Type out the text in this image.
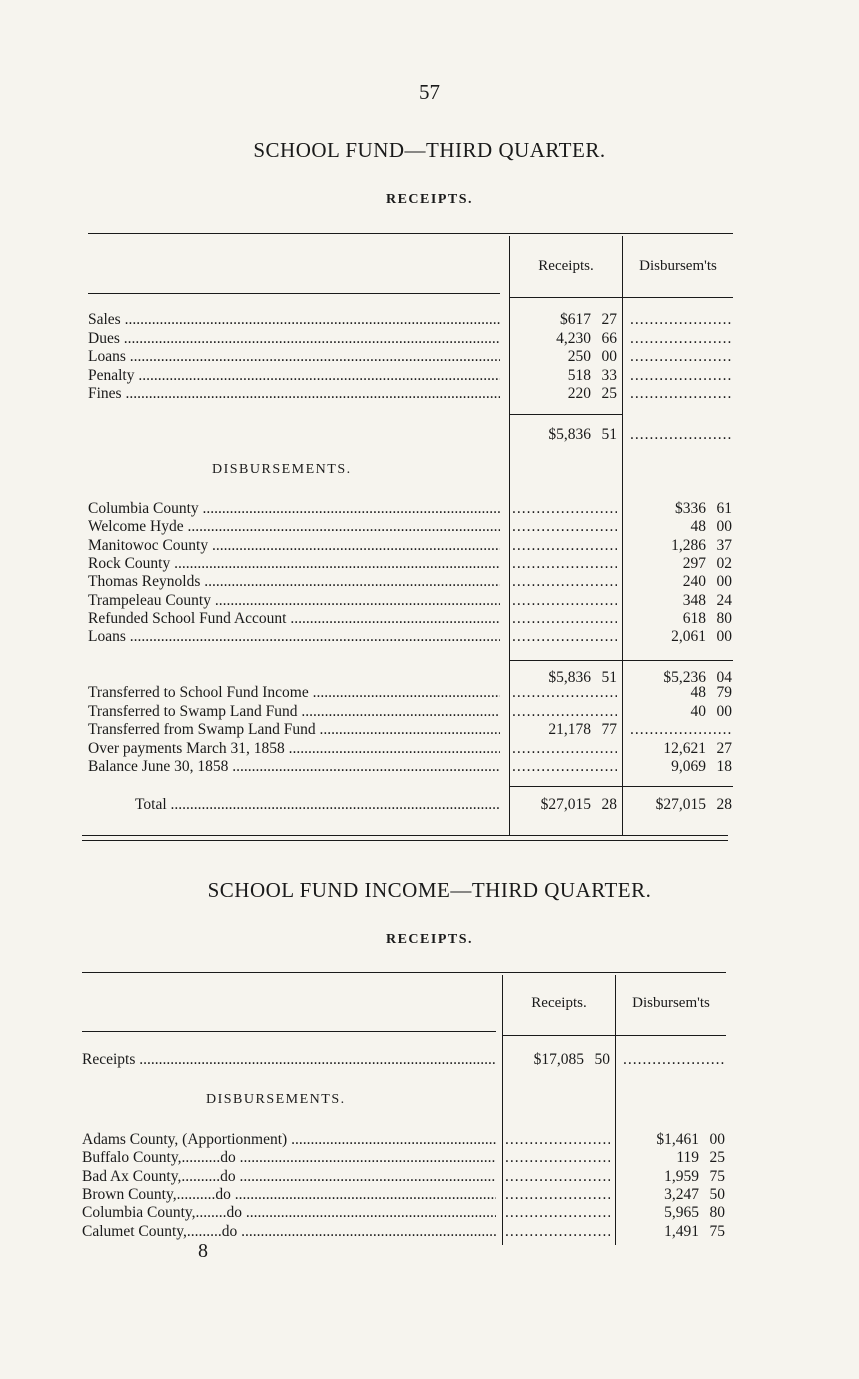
57
SCHOOL FUND—THIRD QUARTER.
RECEIPTS.
Receipts.	Disbursem'ts
Sales .....	$617 27
.....
Dues .....	4,230 66
.....
Loans .....	250 00
.....
Penalty .....	518 33
.....
Fines .....	220 25
.....
$5,836 51
.....
DISBURSEMENTS.
Columbia County ..... .....	$336 61
Welcome Hyde ..... .....	48 00
Manitowoc County ..... .....	1,286 37
Rock County ..... .....	297 02
Thomas Reynolds ..... .....	240 00
Trampeleau County ..... .....	348 24
Refunded School Fund Account ..... .....	618 80
Loans ..... .....	2,061 00
$5,836 51	$5,236 04
Transferred to School Fund Income ..... .....	48 79
Transferred to Swamp Land Fund ..... .....	40 00
Transferred from Swamp Land Fund .....	21,178 77
.....
Over payments March 31, 1858 ..... .....	12,621 27
Balance June 30, 1858 ..... .....	9,069 18
Total .....	$27,015 28	$27,015 28
SCHOOL FUND INCOME—THIRD QUARTER.
RECEIPTS.
Receipts.	Disbursem'ts
Receipts .....	$17,085 50
.....
DISBURSEMENTS.
Adams County, (Apportionment) ..... .....	$1,461 00
Buffalo County,..........do ..... .....	119 25
Bad Ax County,..........do ..... .....	1,959 75
Brown County,..........do ..... .....	3,247 50
Columbia County,........do ..... .....	5,965 80
Calumet County,.........do ..... .....	1,491 75
8
